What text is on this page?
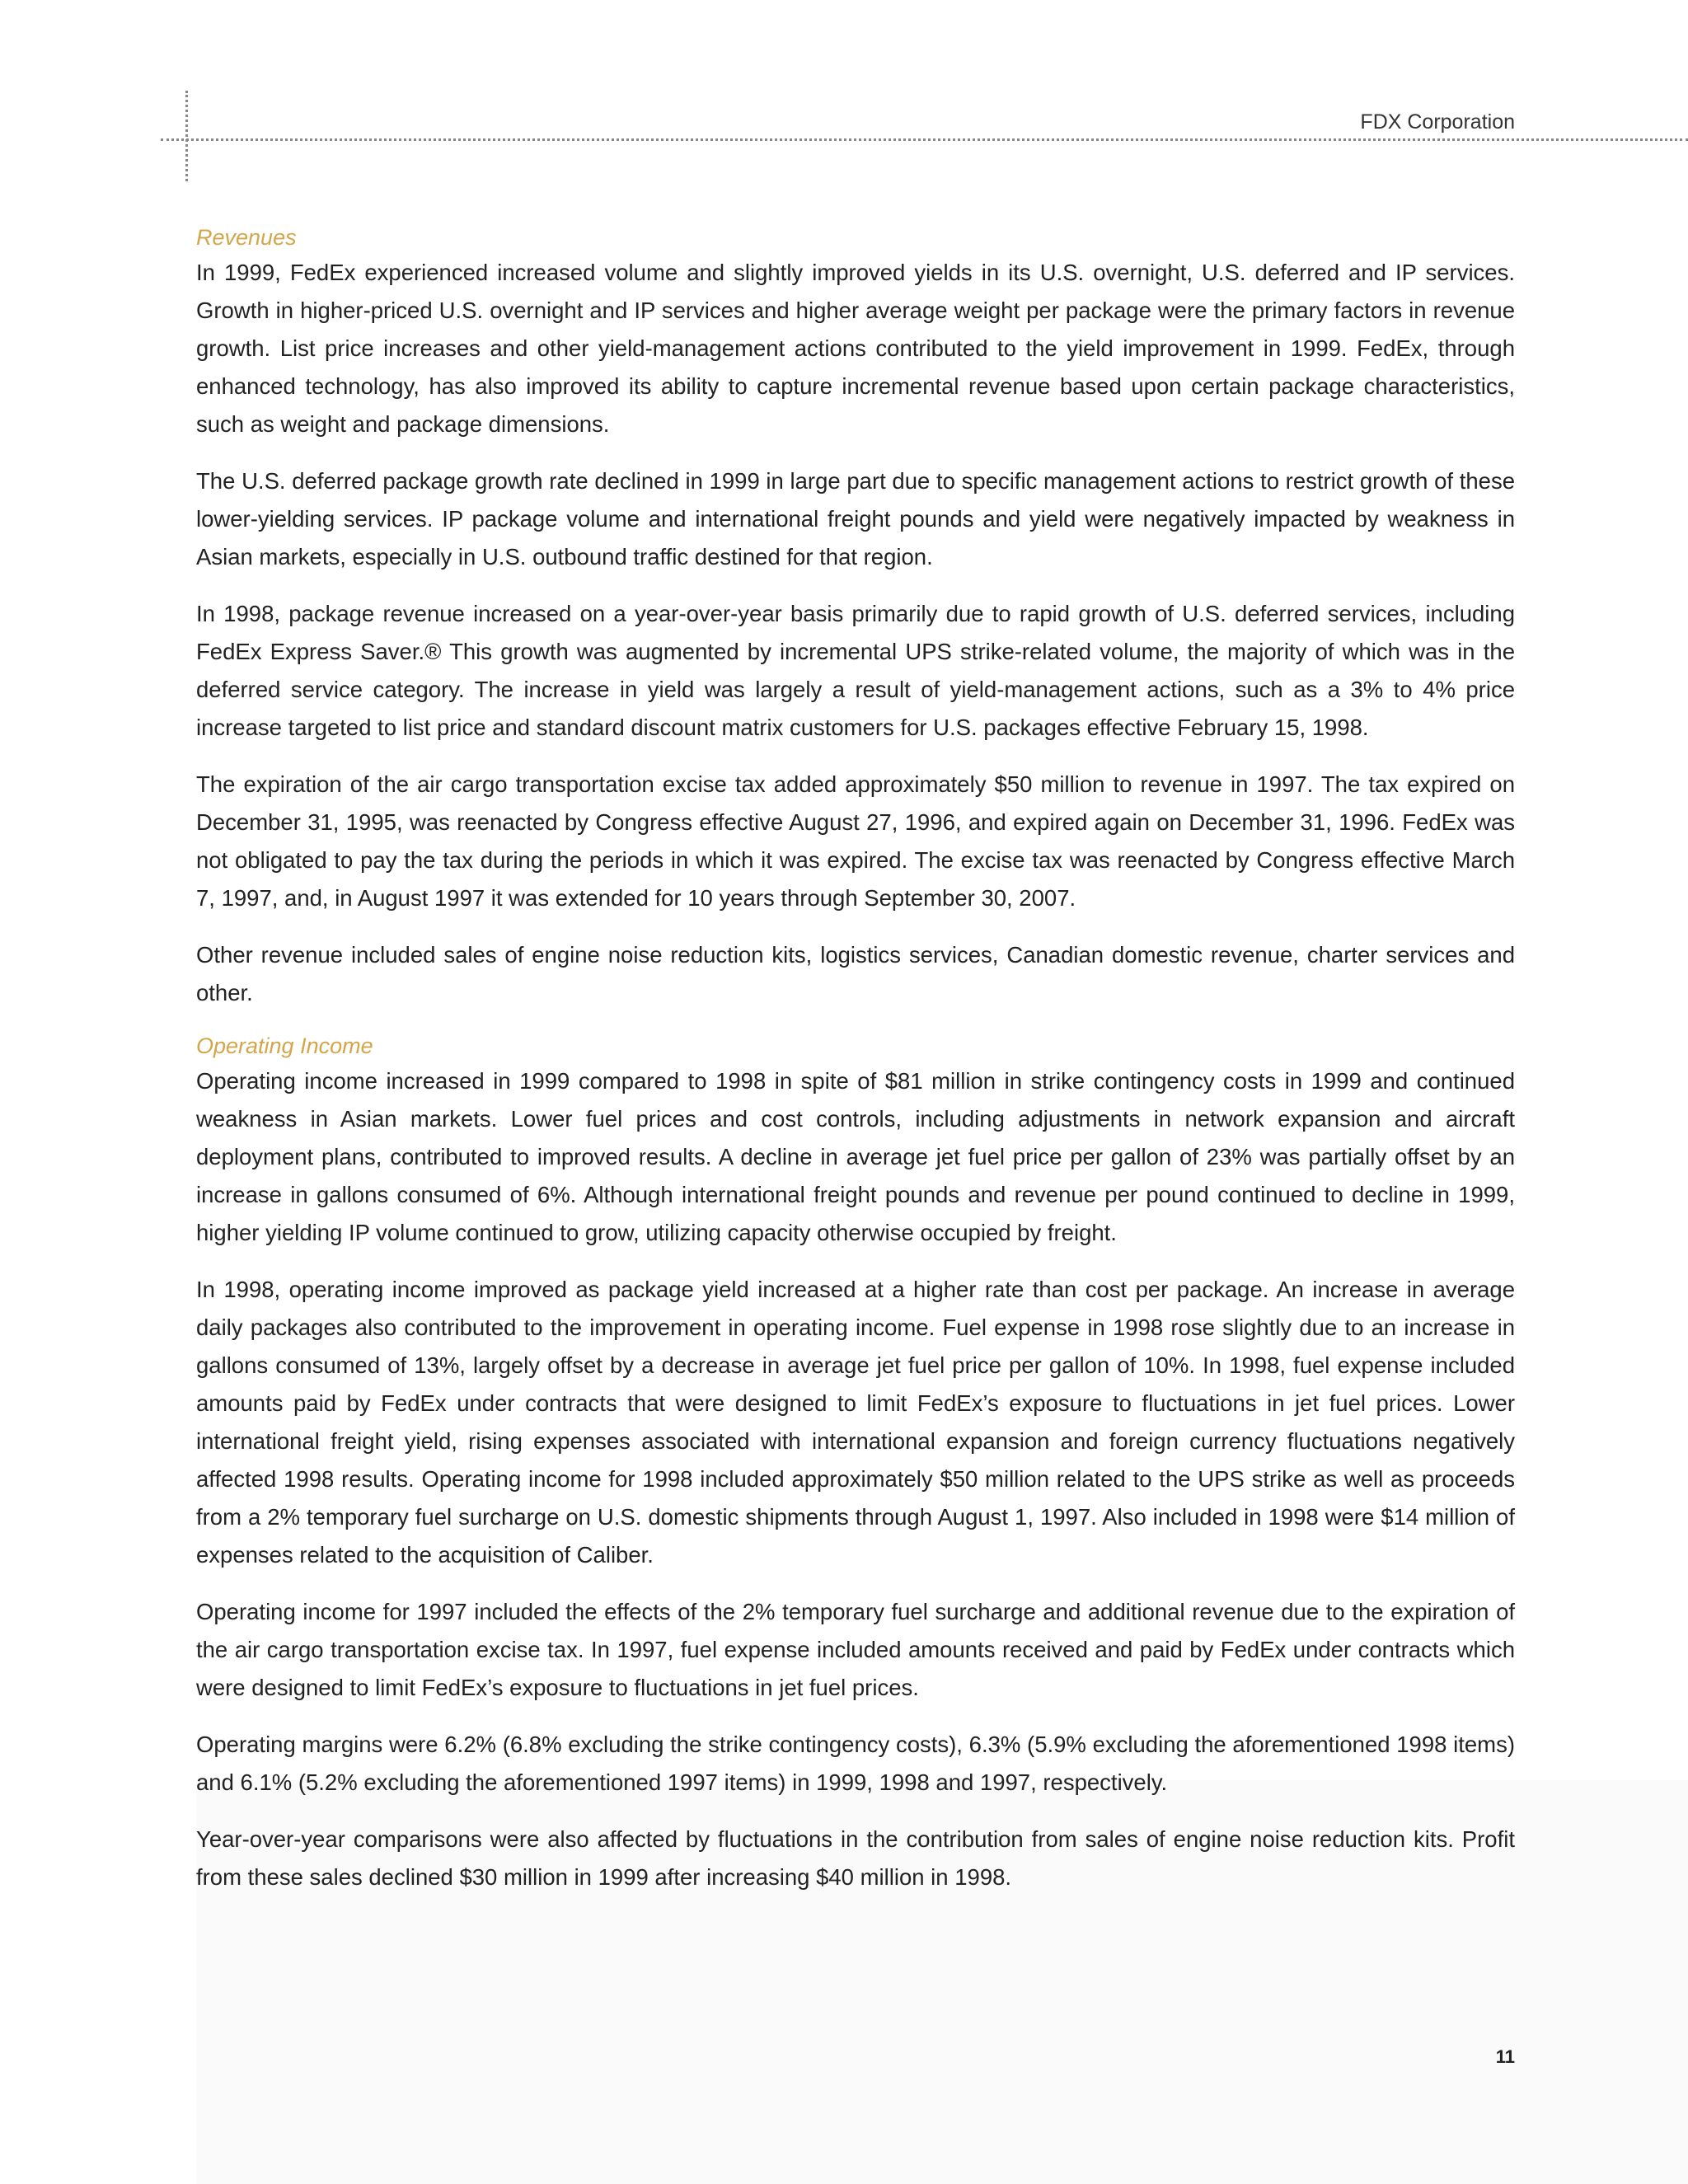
FDX Corporation
Revenues

In 1999, FedEx experienced increased volume and slightly improved yields in its U.S. overnight, U.S. deferred and IP services. Growth in higher-priced U.S. overnight and IP services and higher average weight per package were the primary factors in revenue growth. List price increases and other yield-management actions contributed to the yield improvement in 1999. FedEx, through enhanced technology, has also improved its ability to capture incremental revenue based upon certain package characteristics, such as weight and package dimensions.

The U.S. deferred package growth rate declined in 1999 in large part due to specific management actions to restrict growth of these lower-yielding services. IP package volume and international freight pounds and yield were negatively impacted by weakness in Asian markets, especially in U.S. outbound traffic destined for that region.

In 1998, package revenue increased on a year-over-year basis primarily due to rapid growth of U.S. deferred services, including FedEx Express Saver.® This growth was augmented by incremental UPS strike-related volume, the majority of which was in the deferred service category. The increase in yield was largely a result of yield-management actions, such as a 3% to 4% price increase targeted to list price and standard discount matrix customers for U.S. packages effective February 15, 1998.

The expiration of the air cargo transportation excise tax added approximately $50 million to revenue in 1997. The tax expired on December 31, 1995, was reenacted by Congress effective August 27, 1996, and expired again on December 31, 1996. FedEx was not obligated to pay the tax during the periods in which it was expired. The excise tax was reenacted by Congress effective March 7, 1997, and, in August 1997 it was extended for 10 years through September 30, 2007.

Other revenue included sales of engine noise reduction kits, logistics services, Canadian domestic revenue, charter services and other.

Operating Income

Operating income increased in 1999 compared to 1998 in spite of $81 million in strike contingency costs in 1999 and continued weakness in Asian markets. Lower fuel prices and cost controls, including adjustments in network expansion and aircraft deployment plans, contributed to improved results. A decline in average jet fuel price per gallon of 23% was partially offset by an increase in gallons consumed of 6%. Although international freight pounds and revenue per pound continued to decline in 1999, higher yielding IP volume continued to grow, utilizing capacity otherwise occupied by freight.

In 1998, operating income improved as package yield increased at a higher rate than cost per package. An increase in average daily packages also contributed to the improvement in operating income. Fuel expense in 1998 rose slightly due to an increase in gallons consumed of 13%, largely offset by a decrease in average jet fuel price per gallon of 10%. In 1998, fuel expense included amounts paid by FedEx under contracts that were designed to limit FedEx’s exposure to fluctuations in jet fuel prices. Lower international freight yield, rising expenses associated with international expansion and foreign currency fluctuations negatively affected 1998 results. Operating income for 1998 included approximately $50 million related to the UPS strike as well as proceeds from a 2% temporary fuel surcharge on U.S. domestic shipments through August 1, 1997. Also included in 1998 were $14 million of expenses related to the acquisition of Caliber.

Operating income for 1997 included the effects of the 2% temporary fuel surcharge and additional revenue due to the expiration of the air cargo transportation excise tax. In 1997, fuel expense included amounts received and paid by FedEx under contracts which were designed to limit FedEx’s exposure to fluctuations in jet fuel prices.

Operating margins were 6.2% (6.8% excluding the strike contingency costs), 6.3% (5.9% excluding the aforementioned 1998 items) and 6.1% (5.2% excluding the aforementioned 1997 items) in 1999, 1998 and 1997, respectively.

Year-over-year comparisons were also affected by fluctuations in the contribution from sales of engine noise reduction kits. Profit from these sales declined $30 million in 1999 after increasing $40 million in 1998.

11
